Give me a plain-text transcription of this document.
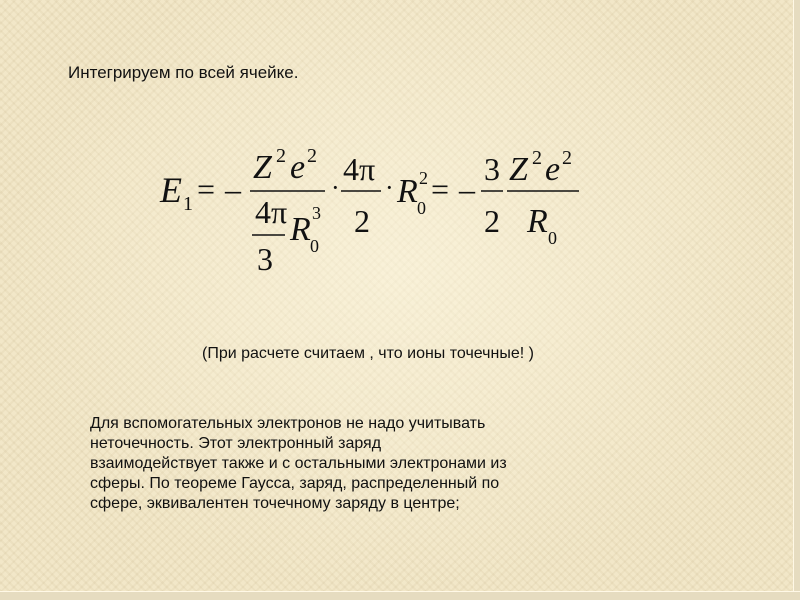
Интегрируем по всей ячейке.
E 1 = –
Z 2 e 2
4π
3
R 3
0
·
4π
2
· R 2
0
= –
3
2
Z 2 e 2
R 0
(При расчете считаем , что ионы точечные! )
Для вспомогательных электронов не надо учитывать
неточечность. Этот электронный заряд
взаимодействует также и с остальными электронами из
сферы. По теореме Гаусса, заряд, распределенный по
сфере, эквивалентен точечному заряду в центре;
